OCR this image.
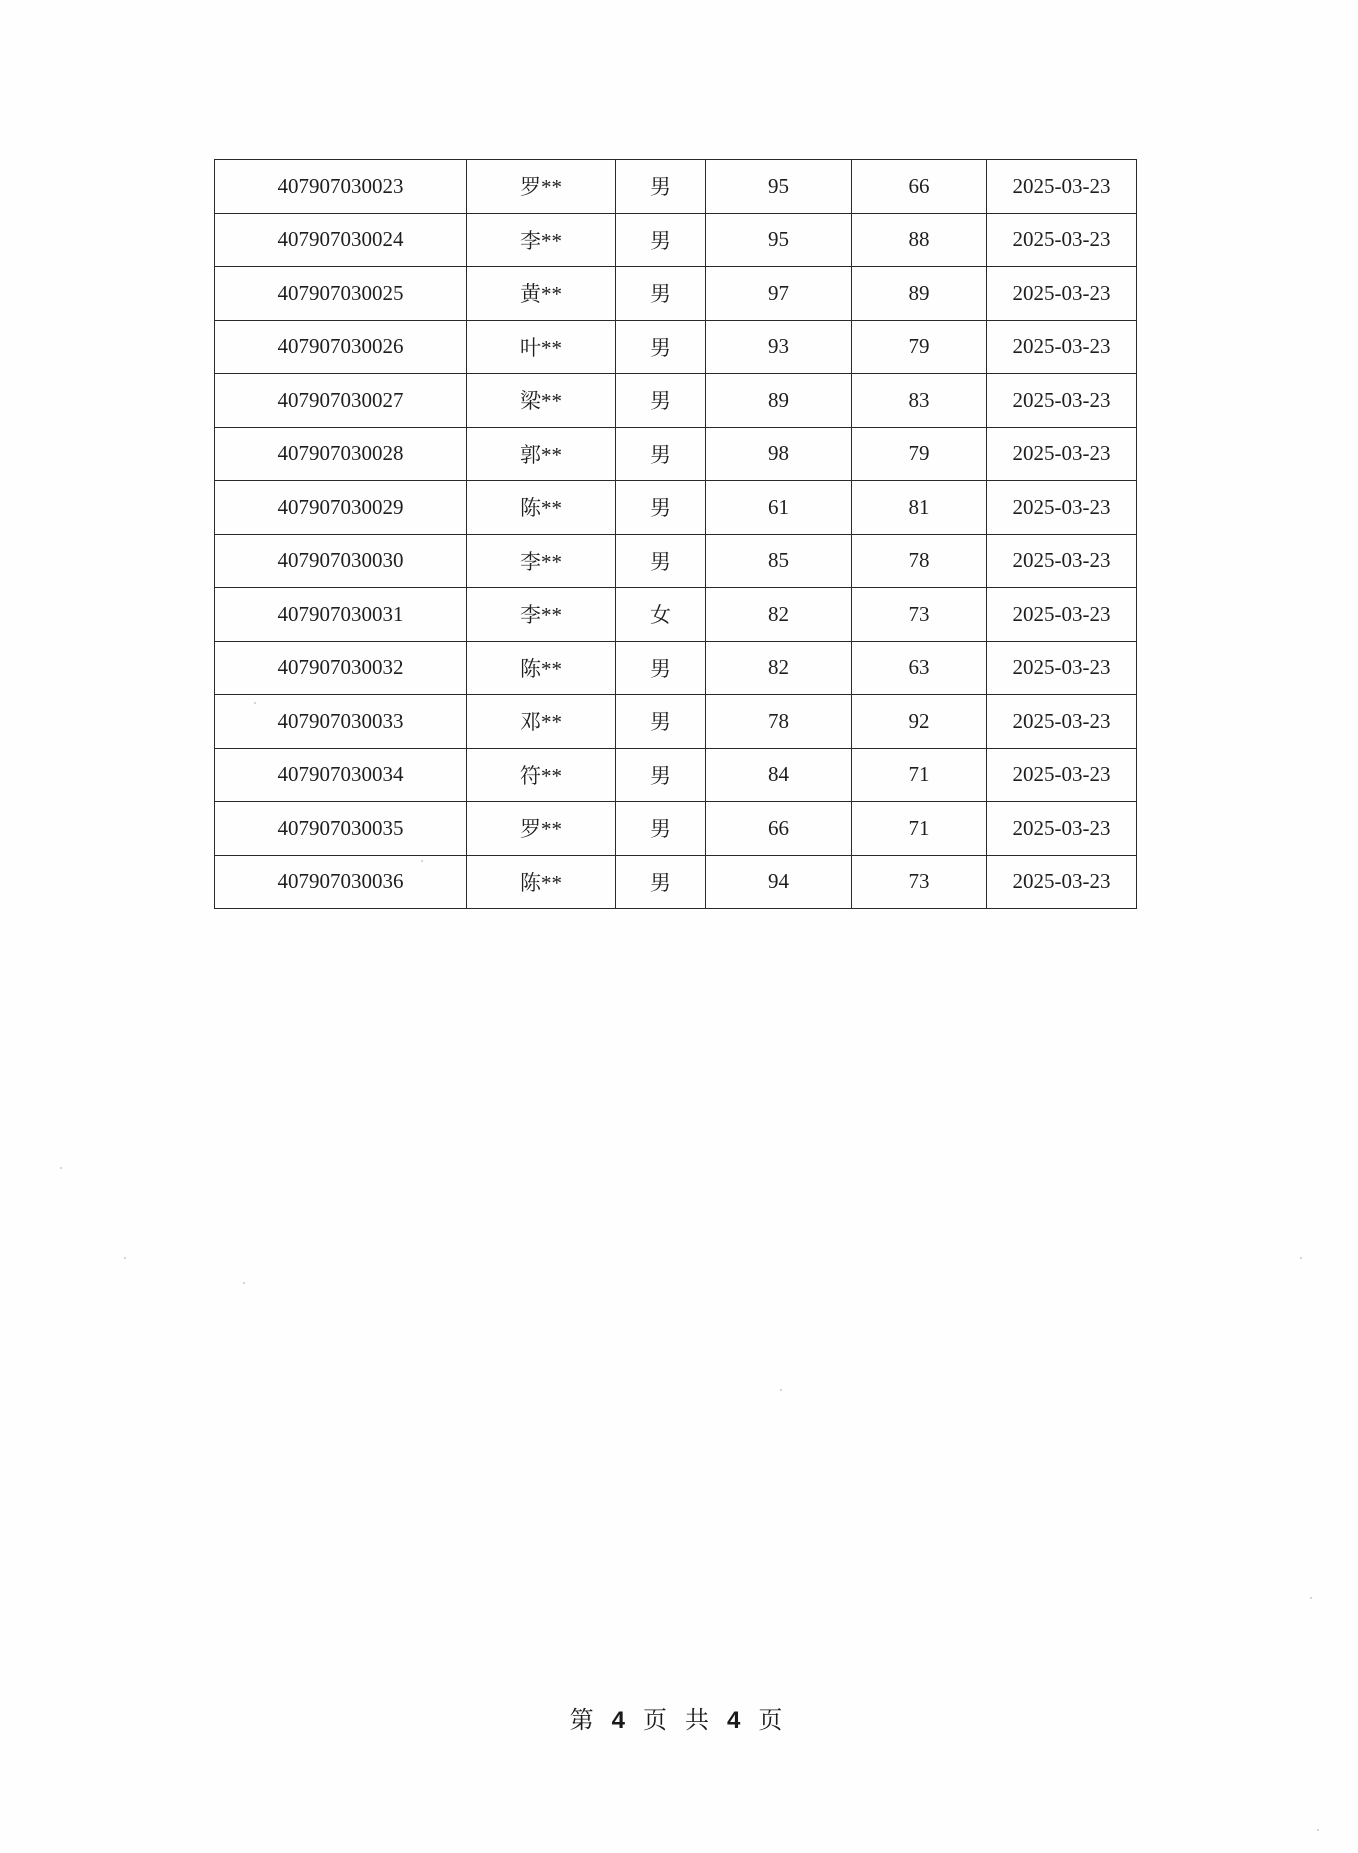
407907030023	罗**	男	95	66	2025-03-23
407907030024	李**	男	95	88	2025-03-23
407907030025	黄**	男	97	89	2025-03-23
407907030026	叶**	男	93	79	2025-03-23
407907030027	梁**	男	89	83	2025-03-23
407907030028	郭**	男	98	79	2025-03-23
407907030029	陈**	男	61	81	2025-03-23
407907030030	李**	男	85	78	2025-03-23
407907030031	李**	女	82	73	2025-03-23
407907030032	陈**	男	82	63	2025-03-23
407907030033	邓**	男	78	92	2025-03-23
407907030034	符**	男	84	71	2025-03-23
407907030035	罗**	男	66	71	2025-03-23
407907030036	陈**	男	94	73	2025-03-23
第 4 页 共 4 页
